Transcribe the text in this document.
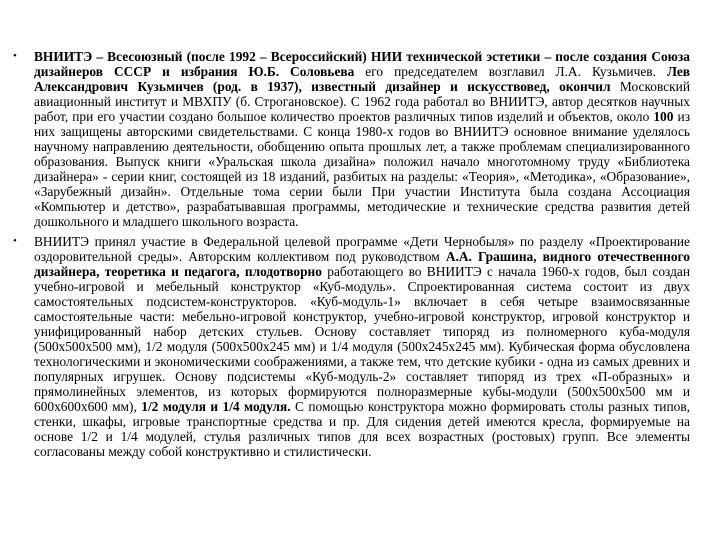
•	ВНИИТЭ – Всесоюзный (после 1992 – Всероссийский) НИИ технической эстетики – после создания Союза дизайнеров СССР и избрания Ю.Б. Соловьева его председателем возглавил Л.А. Кузьмичев. Лев Александрович Кузьмичев (род. в 1937), известный дизайнер и искусствовед, окончил Московский авиационный институт и МВХПУ (б. Строгановское). С 1962 года работал во ВНИИТЭ, автор десятков научных работ, при его участии создано большое количество проектов различных типов изделий и объектов, около 100 из них защищены авторскими свидетельствами. С конца 1980-х годов во ВНИИТЭ основное внимание уделялось научному направлению деятельности, обобщению опыта прошлых лет, а также проблемам специализированного образования. Выпуск книги «Уральская школа дизайна» положил начало многотомному труду «Библиотека дизайнера» - серии книг, состоящей из 18 изданий, разбитых на разделы: «Теория», «Методика», «Образование», «Зарубежный дизайн». Отдельные тома серии были При участии Института была создана Ассоциация «Компьютер и детство», разрабатывавшая программы, методические и технические средства развития детей дошкольного и младшего школьного возраста.
•	ВНИИТЭ принял участие в Федеральной целевой программе «Дети Чернобыля» по разделу «Проектирование оздоровительной среды». Авторским коллективом под руководством А.А. Грашина, видного отечественного дизайнера, теоретика и педагога, плодотворно работающего во ВНИИТЭ с начала 1960-х годов, был создан учебно-игровой и мебельный конструктор «Куб-модуль». Спроектированная система состоит из двух самостоятельных подсистем-конструкторов. «Куб-модуль-1» включает в себя четыре взаимосвязанные самостоятельные части: мебельно-игровой конструктор, учебно-игровой конструктор, игровой конструктор и унифицированный набор детских стульев. Основу составляет типоряд из полномерного куба-модуля (500x500x500 мм), 1/2 модуля (500x500x245 мм) и 1/4 модуля (500x245x245 мм). Кубическая форма обусловлена технологическими и экономическими соображениями, а также тем, что детские кубики - одна из самых древних и популярных игрушек. Основу подсистемы «Куб-модуль-2» составляет типоряд из трех «П-образных» и прямолинейных элементов, из которых формируются полноразмерные кубы-модули (500x500x500 мм и 600x600x600 мм), 1/2 модуля и 1/4 модуля. С помощью конструктора можно формировать столы разных типов, стенки, шкафы, игровые транспортные средства и пр. Для сидения детей имеются кресла, формируемые на основе 1/2 и 1/4 модулей, стулья различных типов для всех возрастных (ростовых) групп. Все элементы согласованы между собой конструктивно и стилистически.
